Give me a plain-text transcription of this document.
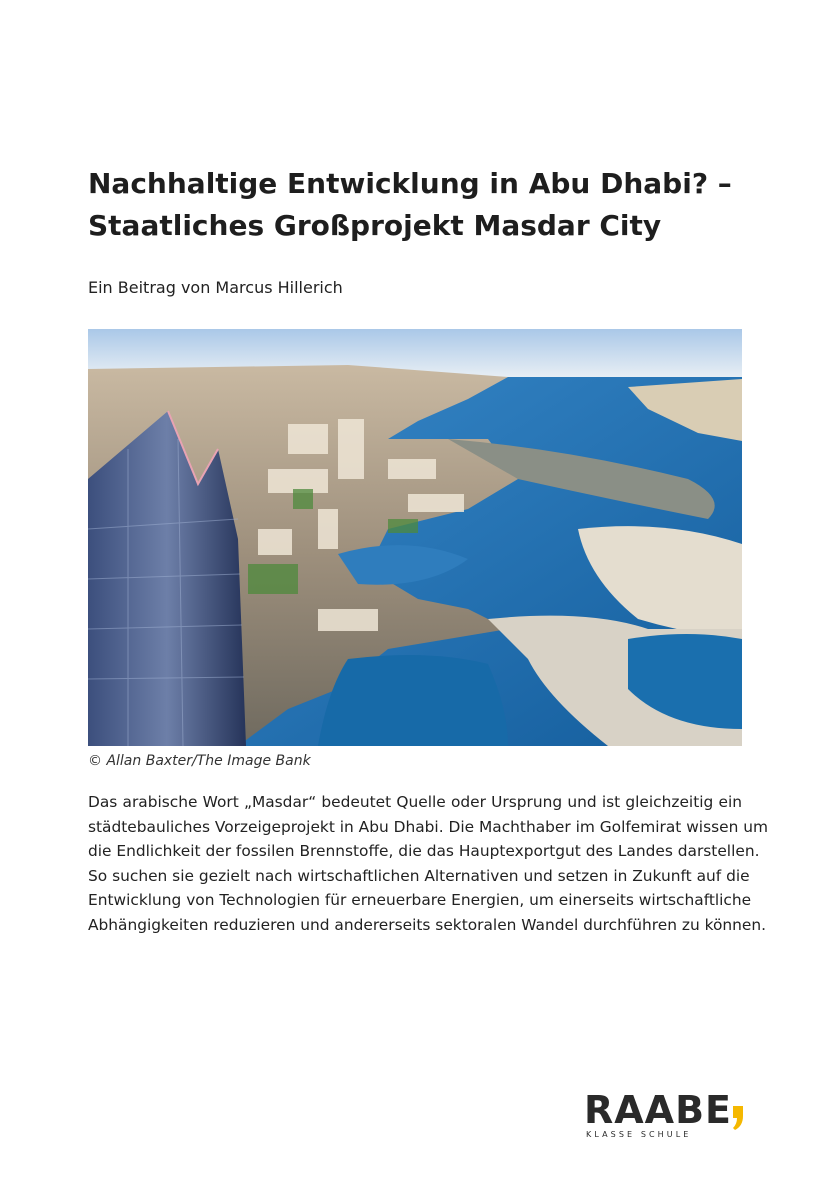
Nachhaltige Entwicklung in Abu Dhabi? –
Staatliches Großprojekt Masdar City
Ein Beitrag von Marcus Hillerich
© Allan Baxter/The Image Bank
Das arabische Wort „Masdar“ bedeutet Quelle oder Ursprung und ist gleichzeitig ein
städtebauliches Vorzeigeprojekt in Abu Dhabi. Die Machthaber im Golfemirat wissen um
die Endlichkeit der fossilen Brennstoffe, die das Hauptexportgut des Landes darstellen.
So suchen sie gezielt nach wirtschaftlichen Alternativen und setzen in Zukunft auf die
Entwicklung von Technologien für erneuerbare Energien, um einerseits wirtschaftliche
Abhängigkeiten reduzieren und andererseits sektoralen Wandel durchführen zu können.
RAABE
KLASSE SCHULE
